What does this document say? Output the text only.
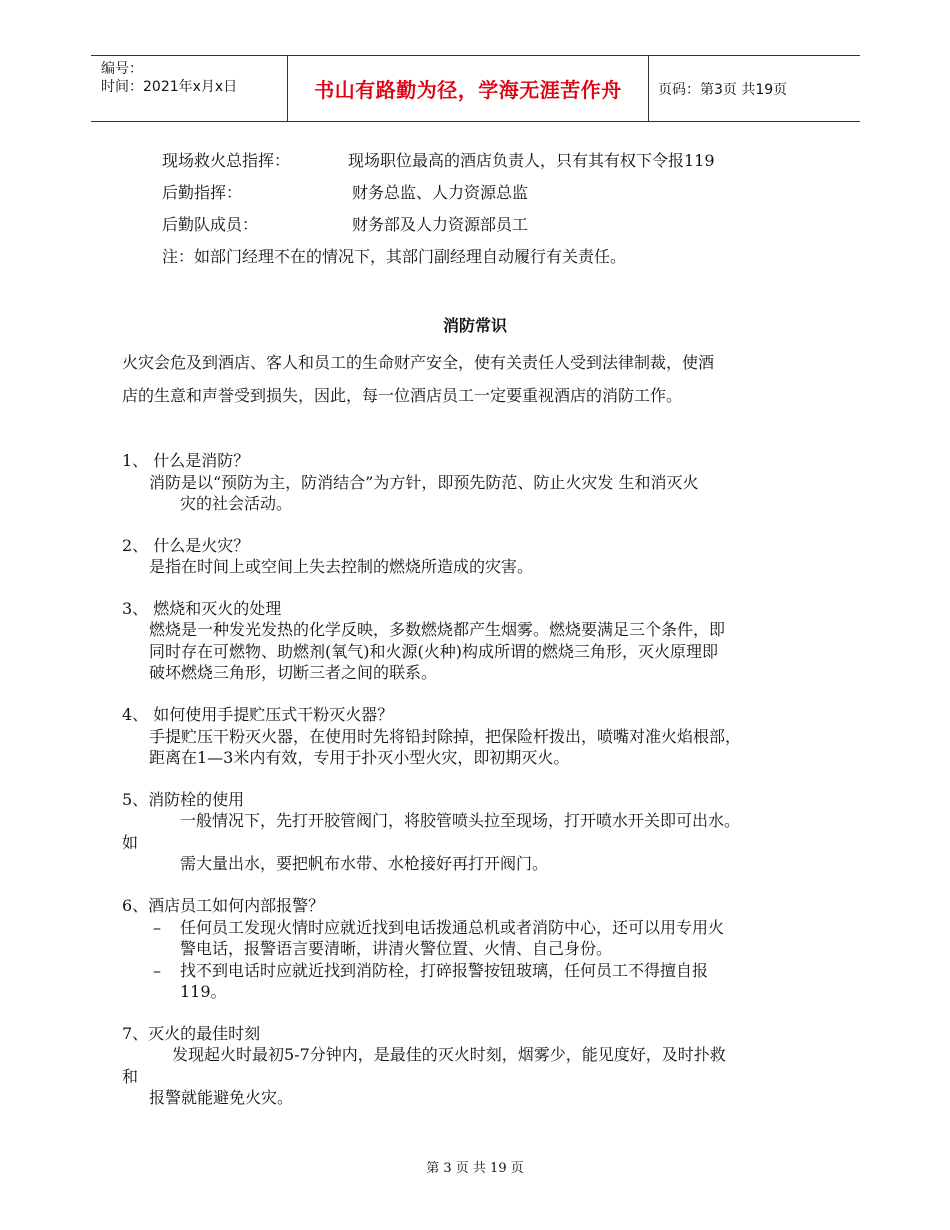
编号：
时间：2021年x月x日	书山有路勤为径，学海无涯苦作舟	页码：第3页 共19页
现场救火总指挥：	现场职位最高的酒店负责人，只有其有权下令报119
后勤指挥：	财务总监、人力资源总监
后勤队成员：	财务部及人力资源部员工
注：如部门经理不在的情况下，其部门副经理自动履行有关责任。
消防常识
火灾会危及到酒店、客人和员工的生命财产安全，使有关责任人受到法律制裁，使酒
店的生意和声誉受到损失，因此，每一位酒店员工一定要重视酒店的消防工作。
1、 什么是消防？
消防是以“预防为主，防消结合”为方针，即预先防范、防止火灾发 生和消灭火
灾的社会活动。
2、 什么是火灾？
是指在时间上或空间上失去控制的燃烧所造成的灾害。
3、 燃烧和灭火的处理
燃烧是一种发光发热的化学反映，多数燃烧都产生烟雾。燃烧要满足三个条件，即
同时存在可燃物、助燃剂(氧气)和火源(火种)构成所谓的燃烧三角形，灭火原理即
破坏燃烧三角形，切断三者之间的联系。
4、 如何使用手提贮压式干粉灭火器？
手提贮压干粉灭火器，在使用时先将铅封除掉，把保险杆拨出，喷嘴对准火焰根部，
距离在1—3米内有效，专用于扑灭小型火灾，即初期灭火。
5、消防栓的使用
一般情况下，先打开胶管阀门，将胶管喷头拉至现场，打开喷水开关即可出水。
如
需大量出水，要把帆布水带、水枪接好再打开阀门。
6、酒店员工如何内部报警？
– 任何员工发现火情时应就近找到电话拨通总机或者消防中心，还可以用专用火
警电话，报警语言要清晰，讲清火警位置、火情、自己身份。
– 找不到电话时应就近找到消防栓，打碎报警按钮玻璃，任何员工不得擅自报
119。
7、灭火的最佳时刻
发现起火时最初5-7分钟内，是最佳的灭火时刻，烟雾少，能见度好，及时扑救
和
报警就能避免火灾。
第 3 页 共 19 页
